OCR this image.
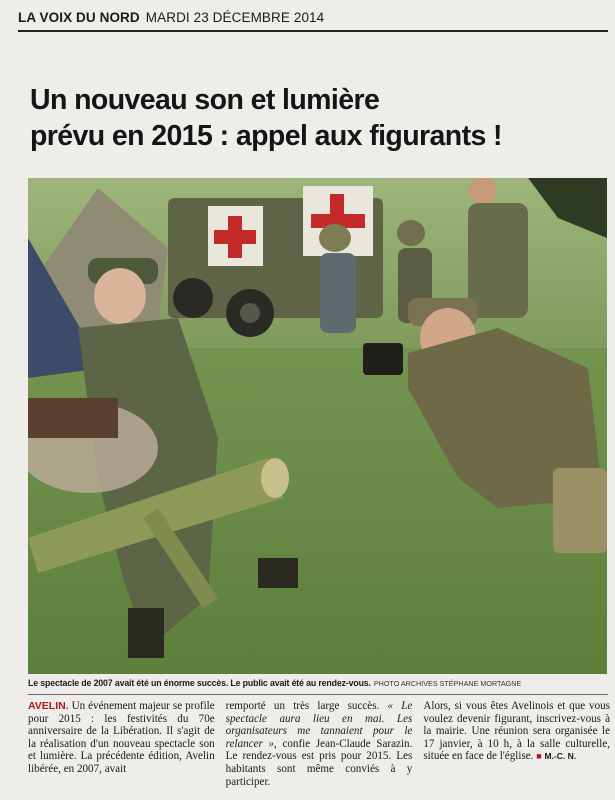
LA VOIX DU NORD MARDI 23 DÉCEMBRE 2014
Un nouveau son et lumière
prévu en 2015 : appel aux figurants !
Le spectacle de 2007 avait été un énorme succès. Le public avait été au rendez-vous. PHOTO ARCHIVES STÉPHANE MORTAGNE

AVELIN. Un événement majeur se profile pour 2015 : les festivités du 70e anniversaire de la Libération. Il s'agit de la réalisation d'un nouveau spectacle son et lumière. La précédente édition, Avelin libérée, en 2007, avait

remporté un très large succès. « Le spectacle aura lieu en mai. Les organisateurs me tannaient pour le relancer », confie Jean-Claude Sarazin. Le rendez-vous est pris pour 2015. Les habitants sont même conviés à y participer.

Alors, si vous êtes Avelinois et que vous voulez devenir figurant, inscrivez-vous à la mairie. Une réunion sera organisée le 17 janvier, à 10 h, à la salle culturelle, située en face de l'église. ■ M.-C. N.
